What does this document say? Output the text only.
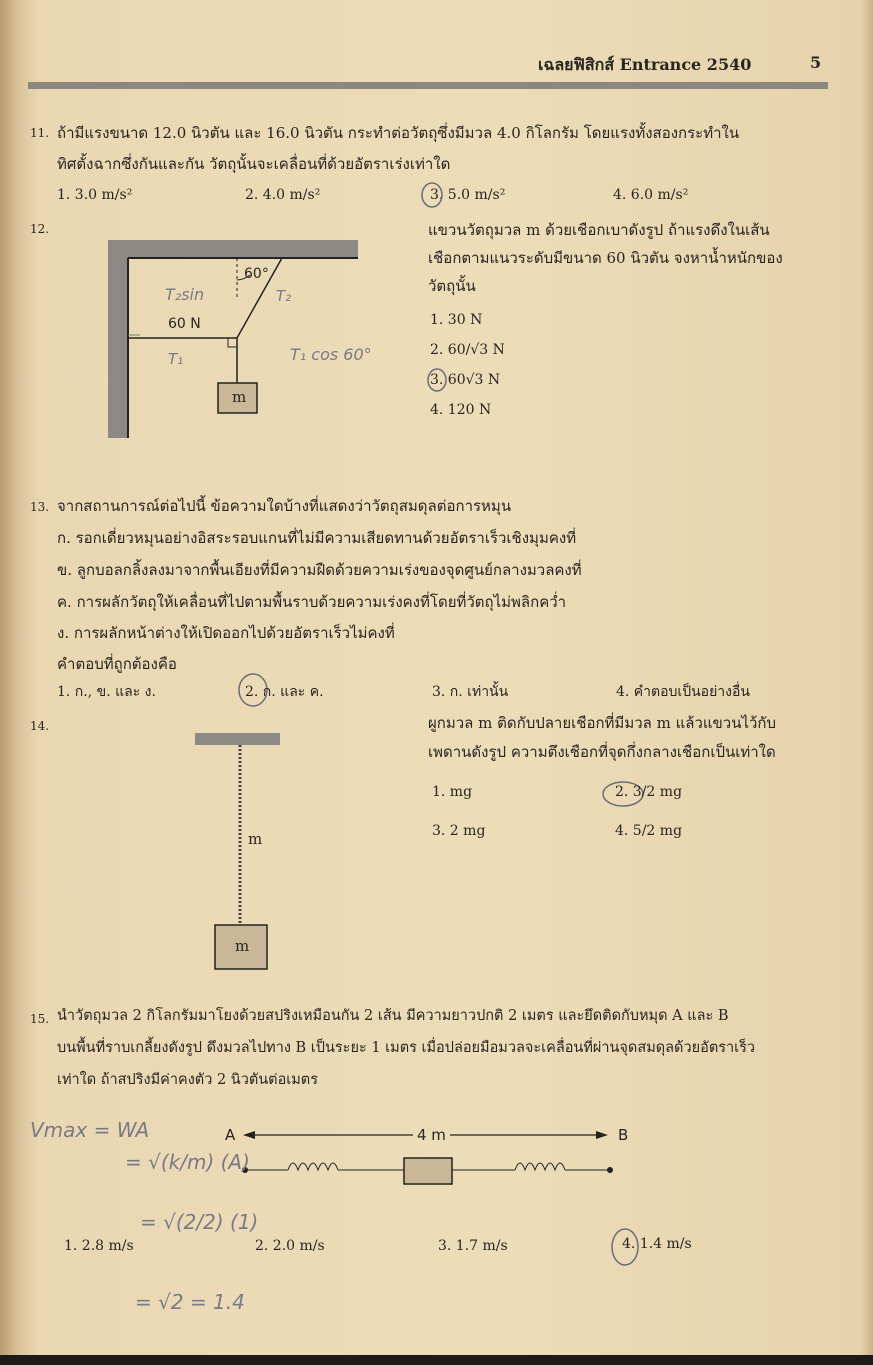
เฉลยฟิสิกส์ Entrance 2540	5
11. ถ้ามีแรงขนาด 12.0 นิวตัน และ 16.0 นิวตัน กระทำต่อวัตถุซึ่งมีมวล 4.0 กิโลกรัม โดยแรงทั้งสองกระทำใน
ทิศตั้งฉากซึ่งกันและกัน วัตถุนั้นจะเคลื่อนที่ด้วยอัตราเร่งเท่าใด
1. 3.0 m/s²	2. 4.0 m/s²	3. 5.0 m/s²	4. 6.0 m/s²
12.
60°
60 N
m
T₂sin	T₂
T₁	T₁ cos 60°
แขวนวัตถุมวล m ด้วยเชือกเบาดังรูป ถ้าแรงดึงในเส้น
เชือกตามแนวระดับมีขนาด 60 นิวตัน จงหาน้ำหนักของ
วัตถุนั้น
1. 30 N
2. 60/√3 N
3. 60√3 N
4. 120 N
13. จากสถานการณ์ต่อไปนี้ ข้อความใดบ้างที่แสดงว่าวัตถุสมดุลต่อการหมุน
ก. รอกเดี่ยวหมุนอย่างอิสระรอบแกนที่ไม่มีความเสียดทานด้วยอัตราเร็วเชิงมุมคงที่
ข. ลูกบอลกลิ้งลงมาจากพื้นเอียงที่มีความฝืดด้วยความเร่งของจุดศูนย์กลางมวลคงที่
ค. การผลักวัตถุให้เคลื่อนที่ไปตามพื้นราบด้วยความเร่งคงที่โดยที่วัตถุไม่พลิกคว่ำ
ง. การผลักหน้าต่างให้เปิดออกไปด้วยอัตราเร็วไม่คงที่
คำตอบที่ถูกต้องคือ
1. ก., ข. และ ง.	2. ก. และ ค.	3. ก. เท่านั้น	4. คำตอบเป็นอย่างอื่น
14.	ผูกมวล m ติดกับปลายเชือกที่มีมวล m แล้วแขวนไว้กับ
เพดานดังรูป ความตึงเชือกที่จุดกึ่งกลางเชือกเป็นเท่าใด
m
m
1. mg	2. 3/2 mg
3. 2 mg	4. 5/2 mg
15. นำวัตถุมวล 2 กิโลกรัมมาโยงด้วยสปริงเหมือนกัน 2 เส้น มีความยาวปกติ 2 เมตร และยึดติดกับหมุด A และ B
บนพื้นที่ราบเกลี้ยงดังรูป ดึงมวลไปทาง B เป็นระยะ 1 เมตร เมื่อปล่อยมือมวลจะเคลื่อนที่ผ่านจุดสมดุลด้วยอัตราเร็ว
เท่าใด ถ้าสปริงมีค่าคงตัว 2 นิวตันต่อเมตร
A	4 m	B
1. 2.8 m/s	2. 2.0 m/s	3. 1.7 m/s	4. 1.4 m/s
Vmax = WA
= √(k/m) (A)
= √(2/2) (1)
= √2 = 1.4
